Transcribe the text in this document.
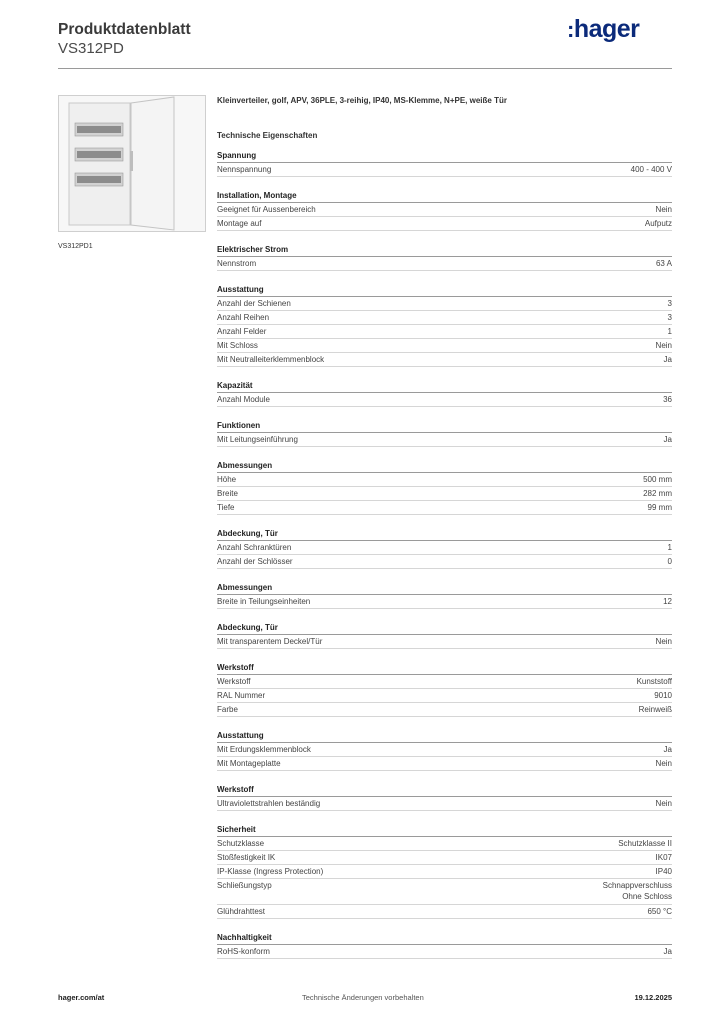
Produktdatenblatt
VS312PD
:hager
VS312PD1
Kleinverteiler, golf, APV, 36PLE, 3-reihig, IP40, MS-Klemme, N+PE, weiße Tür
Technische Eigenschaften
Spannung
Nennspannung	400 - 400 V
Installation, Montage
Geeignet für Aussenbereich	Nein
Montage auf	Aufputz
Elektrischer Strom
Nennstrom	63 A
Ausstattung
Anzahl der Schienen	3
Anzahl Reihen	3
Anzahl Felder	1
Mit Schloss	Nein
Mit Neutralleiterklemmenblock	Ja
Kapazität
Anzahl Module	36
Funktionen
Mit Leitungseinführung	Ja
Abmessungen
Höhe	500 mm
Breite	282 mm
Tiefe	99 mm
Abdeckung, Tür
Anzahl Schranktüren	1
Anzahl der Schlösser	0
Abmessungen
Breite in Teilungseinheiten	12
Abdeckung, Tür
Mit transparentem Deckel/Tür	Nein
Werkstoff
Werkstoff	Kunststoff
RAL Nummer	9010
Farbe	Reinweiß
Ausstattung
Mit Erdungsklemmenblock	Ja
Mit Montageplatte	Nein
Werkstoff
Ultraviolettstrahlen beständig	Nein
Sicherheit
Schutzklasse	Schutzklasse II
Stoßfestigkeit IK	IK07
IP-Klasse (Ingress Protection)	IP40
Schließungstyp	Schnappverschluss
Ohne Schloss
Glühdrahttest	650 °C
Nachhaltigkeit
RoHS-konform	Ja
hager.com/at	Technische Änderungen vorbehalten	19.12.2025
